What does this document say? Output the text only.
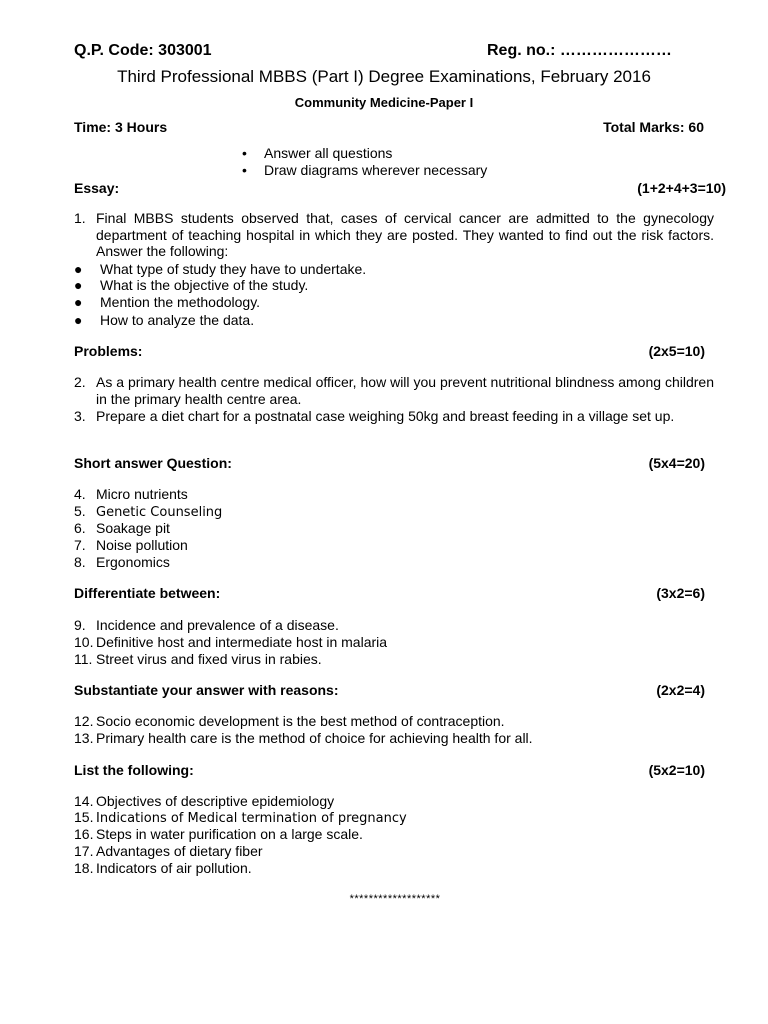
Q.P. Code: 303001	Reg. no.: …………………
Third Professional MBBS (Part I) Degree Examinations, February 2016
Community Medicine-Paper I
Time: 3 Hours	Total Marks: 60
• Answer all questions
• Draw diagrams wherever necessary
Essay:	(1+2+4+3=10)
1. Final MBBS students observed that, cases of cervical cancer are admitted to the gynecology department of teaching hospital in which they are posted. They wanted to find out the risk factors. Answer the following:
● What type of study they have to undertake.
● What is the objective of the study.
● Mention the methodology.
● How to analyze the data.
Problems:	(2x5=10)
2. As a primary health centre medical officer, how will you prevent nutritional blindness among children in the primary health centre area.
3. Prepare a diet chart for a postnatal case weighing 50kg and breast feeding in a village set up.
Short answer Question:	(5x4=20)
4. Micro nutrients
5. Genetic Counseling
6. Soakage pit
7. Noise pollution
8. Ergonomics
Differentiate between:	(3x2=6)
9. Incidence and prevalence of a disease.
10. Definitive host and intermediate host in malaria
11. Street virus and fixed virus in rabies.
Substantiate your answer with reasons:	(2x2=4)
12. Socio economic development is the best method of contraception.
13. Primary health care is the method of choice for achieving health for all.
List the following:	(5x2=10)
14. Objectives of descriptive epidemiology
15. Indications of Medical termination of pregnancy
16. Steps in water purification on a large scale.
17. Advantages of dietary fiber
18. Indicators of air pollution.
*******************
